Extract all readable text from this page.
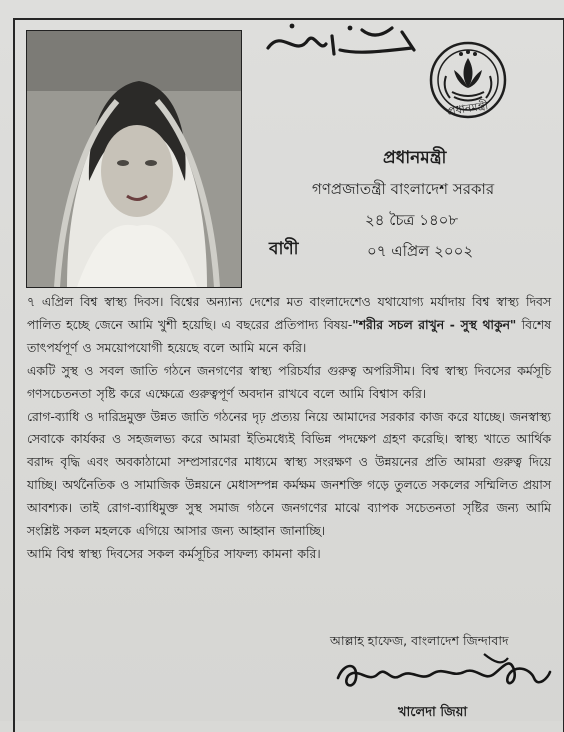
প্রধানমন্ত্রী
প্রধানমন্ত্রী
গণপ্রজাতন্ত্রী বাংলাদেশ সরকার
২৪ চৈত্র ১৪০৮
বাণী	০৭ এপ্রিল ২০০২

৭ এপ্রিল বিশ্ব স্বাস্থ্য দিবস। বিশ্বের অন্যান্য দেশের মত বাংলাদেশেও যথাযোগ্য মর্যাদায় বিশ্ব স্বাস্থ্য দিবস পালিত হচ্ছে জেনে আমি খুশী হয়েছি। এ বছরের প্রতিপাদ্য বিষয়-"শরীর সচল রাখুন - সুস্থ থাকুন" বিশেষ তাৎপর্যপূর্ণ ও সময়োপযোগী হয়েছে বলে আমি মনে করি।

একটি সুস্থ ও সবল জাতি গঠনে জনগণের স্বাস্থ্য পরিচর্যার গুরুত্ব অপরিসীম। বিশ্ব স্বাস্থ্য দিবসের কর্মসূচি গণসচেতনতা সৃষ্টি করে এক্ষেত্রে গুরুত্বপূর্ণ অবদান রাখবে বলে আমি বিশ্বাস করি।

রোগ-ব্যাধি ও দারিদ্রমুক্ত উন্নত জাতি গঠনের দৃঢ় প্রত্যয় নিয়ে আমাদের সরকার কাজ করে যাচ্ছে। জনস্বাস্থ্য সেবাকে কার্যকর ও সহজলভ্য করে আমরা ইতিমধ্যেই বিভিন্ন পদক্ষেপ গ্রহণ করেছি। স্বাস্থ্য খাতে আর্থিক বরাদ্দ বৃদ্ধি এবং অবকাঠামো সম্প্রসারণের মাধ্যমে স্বাস্থ্য সংরক্ষণ ও উন্নয়নের প্রতি আমরা গুরুত্ব দিয়ে যাচ্ছি। অর্থনৈতিক ও সামাজিক উন্নয়নে মেধাসম্পন্ন কর্মক্ষম জনশক্তি গড়ে তুলতে সকলের সম্মিলিত প্রয়াস আবশ্যক। তাই রোগ-ব্যাধিমুক্ত সুস্থ সমাজ গঠনে জনগণের মাঝে ব্যাপক সচেতনতা সৃষ্টির জন্য আমি সংশ্লিষ্ট সকল মহলকে এগিয়ে আসার জন্য আহ্বান জানাচ্ছি।

আমি বিশ্ব স্বাস্থ্য দিবসের সকল কর্মসূচির সাফল্য কামনা করি।

আল্লাহ হাফেজ, বাংলাদেশ জিন্দাবাদ
খালেদা জিয়া
